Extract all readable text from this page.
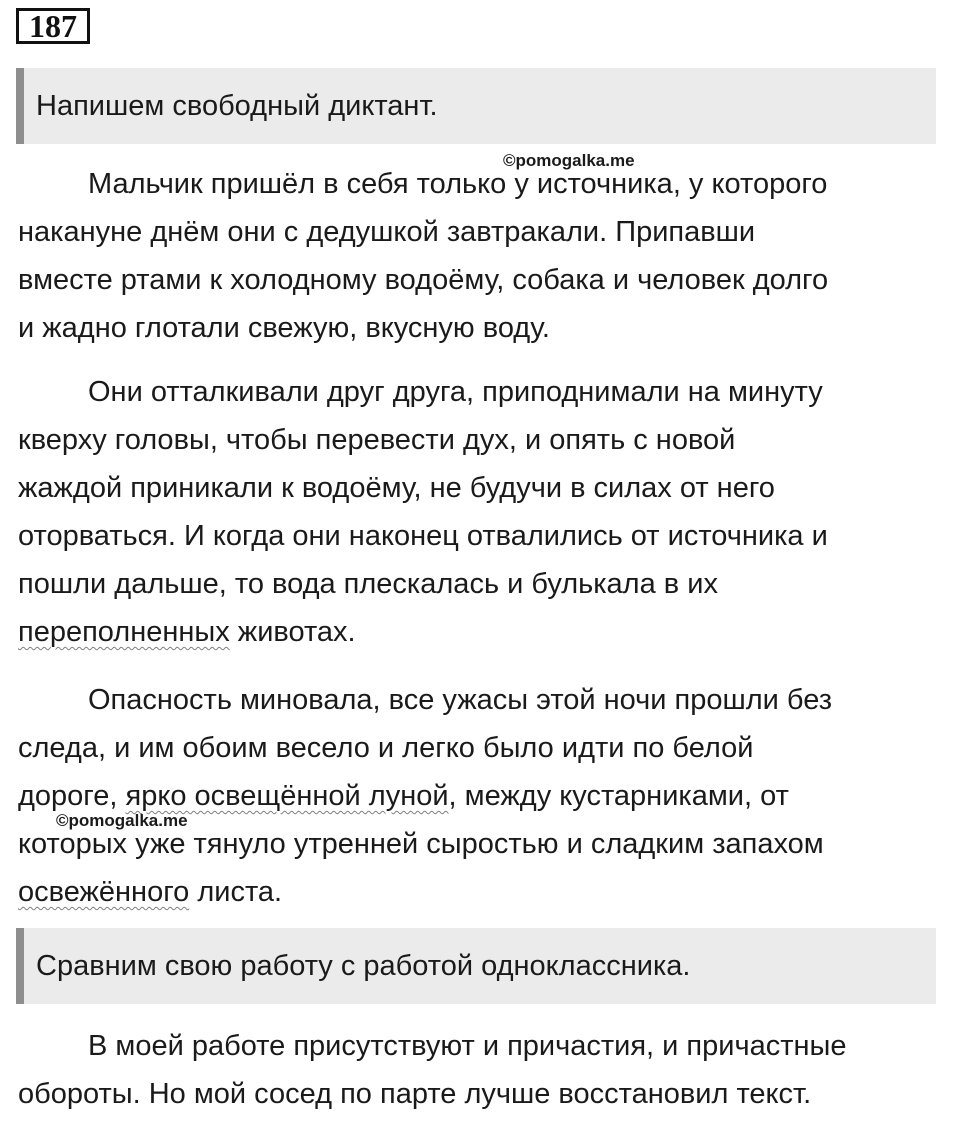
187
Напишем свободный диктант.
Мальчик пришёл в себя только у источника, у которого
накануне днём они с дедушкой завтракали. Припавши
вместе ртами к холодному водоёму, собака и человек долго
и жадно глотали свежую, вкусную воду.
Они отталкивали друг друга, приподнимали на минуту
кверху головы, чтобы перевести дух, и опять с новой
жаждой приникали к водоёму, не будучи в силах от него
оторваться. И когда они наконец отвалились от источника и
пошли дальше, то вода плескалась и булькала в их
переполненных животах.
Опасность миновала, все ужасы этой ночи прошли без
следа, и им обоим весело и легко было идти по белой
дороге, ярко освещённой луной, между кустарниками, от
которых уже тянуло утренней сыростью и сладким запахом
освежённого листа.
Сравним свою работу с работой одноклассника.
В моей работе присутствуют и причастия, и причастные
обороты. Но мой сосед по парте лучше восстановил текст.
©pomogalka.me
©pomogalka.me
